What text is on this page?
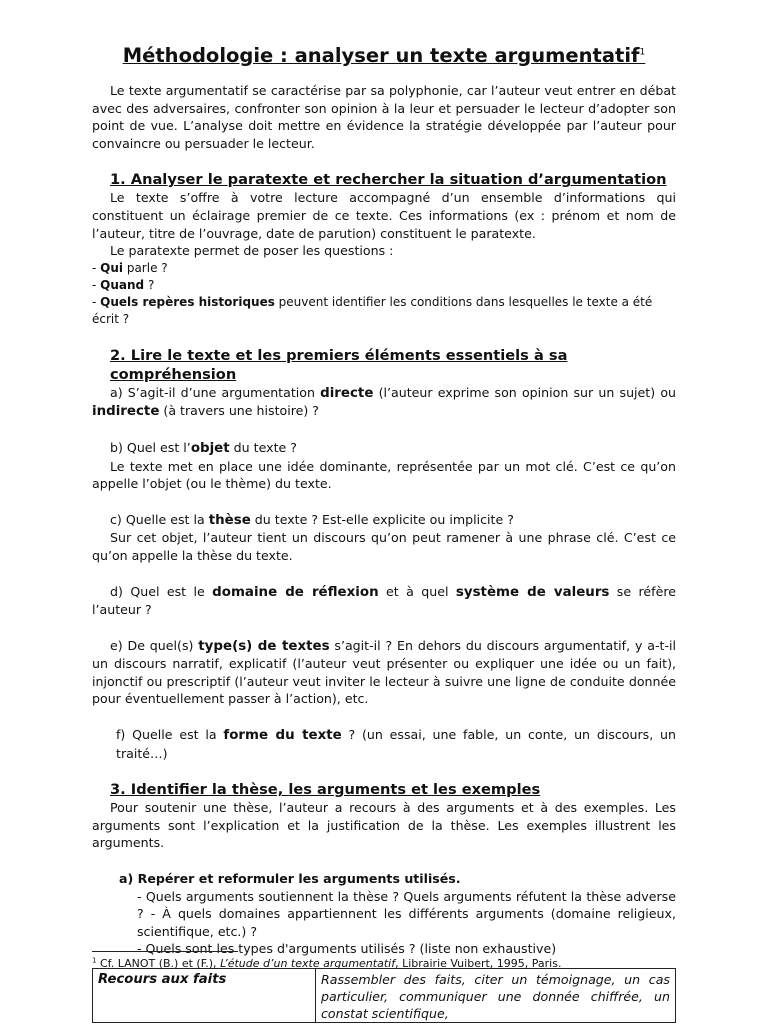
Méthodologie : analyser un texte argumentatif$^1$

Le texte argumentatif se caractérise par sa polyphonie, car l’auteur veut entrer en débat avec des adversaires, confronter son opinion à la leur et persuader le lecteur d’adopter son point de vue. L’analyse doit mettre en évidence la stratégie développée par l’auteur pour convaincre ou persuader le lecteur.

1. Analyser le paratexte et rechercher la situation d’argumentation

Le texte s’offre à votre lecture accompagné d’un ensemble d’informations qui constituent un éclairage premier de ce texte. Ces informations (ex : prénom et nom de l’auteur, titre de l’ouvrage, date de parution) constituent le paratexte.

Le paratexte permet de poser les questions :

- Qui parle ?

- Quand ?

- Quels repères historiques peuvent identifier les conditions dans lesquelles le texte a été écrit ?

2. Lire le texte et les premiers éléments essentiels à sa compréhension

a) S’agit-il d’une argumentation directe (l’auteur exprime son opinion sur un sujet) ou indirecte (à travers une histoire) ?

b) Quel est l’objet du texte ?

Le texte met en place une idée dominante, représentée par un mot clé. C’est ce qu’on appelle l’objet (ou le thème) du texte.

c) Quelle est la thèse du texte ? Est-elle explicite ou implicite ?

Sur cet objet, l’auteur tient un discours qu’on peut ramener à une phrase clé. C’est ce qu’on appelle la thèse du texte.

d) Quel est le domaine de réflexion et à quel système de valeurs se réfère l’auteur ?

e) De quel(s) type(s) de textes s’agit-il ? En dehors du discours argumentatif, y a-t-il un discours narratif, explicatif (l’auteur veut présenter ou expliquer une idée ou un fait), injonctif ou prescriptif (l’auteur veut inviter le lecteur à suivre une ligne de conduite donnée pour éventuellement passer à l’action), etc.

f) Quelle est la forme du texte ? (un essai, une fable, un conte, un discours, un traité…)

3. Identifier la thèse, les arguments et les exemples

Pour soutenir une thèse, l’auteur a recours à des arguments et à des exemples. Les arguments sont l’explication et la justification de la thèse. Les exemples illustrent les arguments.

a) Repérer et reformuler les arguments utilisés.

- Quels arguments soutiennent la thèse ? Quels arguments réfutent la thèse adverse ? - À quels domaines appartiennent les différents arguments (domaine religieux, scientifique, etc.) ?

- Quels sont les types d'arguments utilisés ? (liste non exhaustive)

Recours aux faits	Rassembler des faits, citer un témoignage, un cas particulier, communiquer une donnée chiffrée, un constat scientifique,
$^1$ Cf. LANOT (B.) et (F.), L’étude d’un texte argumentatif, Librairie Vuibert, 1995, Paris.
